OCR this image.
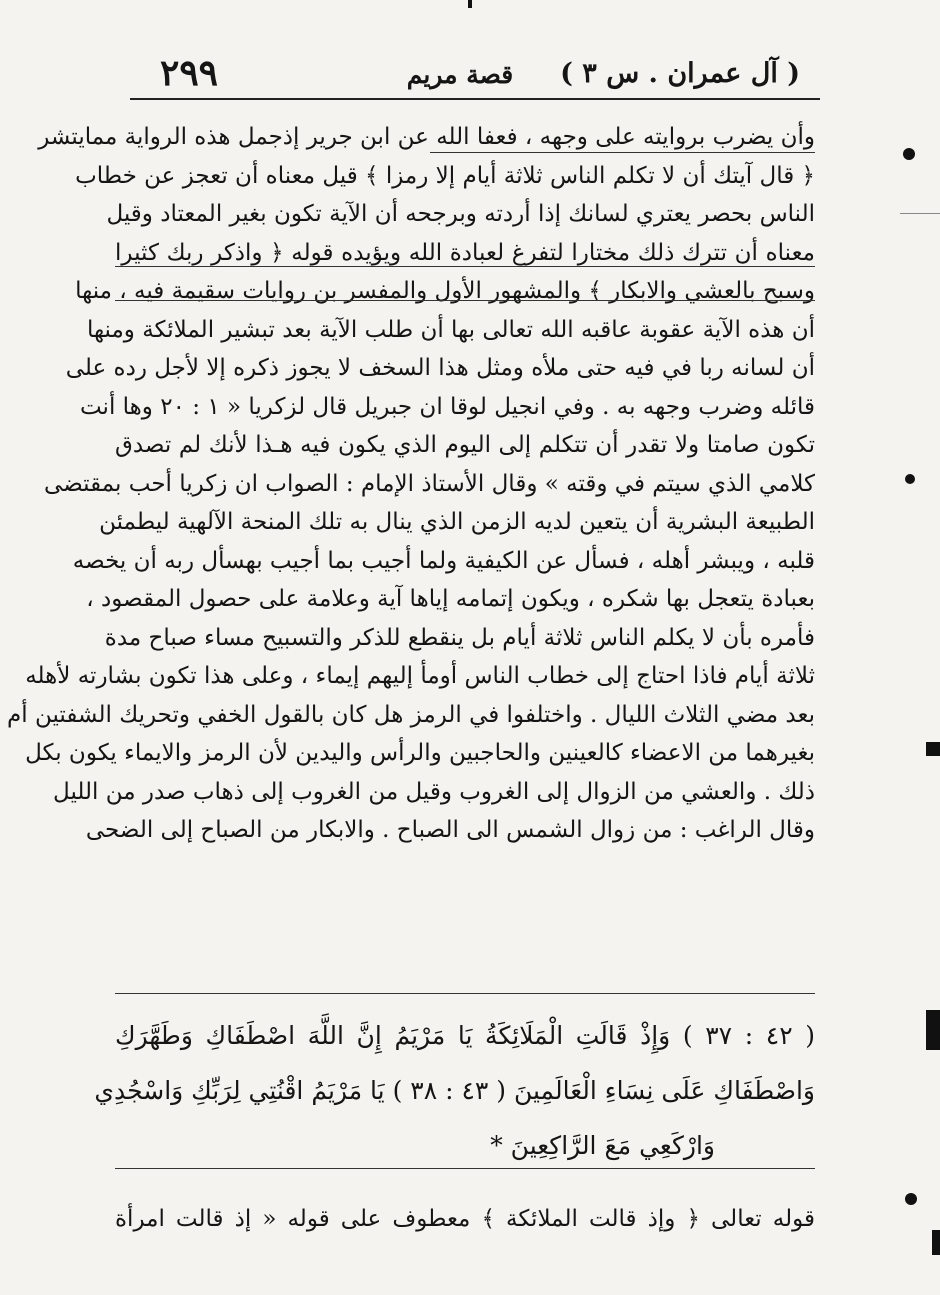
( آل عمران . س ٣ )
قصة مريم
٢٩٩
وأن يضرب بروايته على وجهه ، فعفا الله عن ابن جرير إذجمل هذه الرواية ممايتشر
﴿ قال آيتك أن لا تكلم الناس ثلاثة أيام إلا رمزا ﴾ قيل معناه أن تعجز عن خطاب
الناس بحصر يعتري لسانك إذا أردته وبرجحه أن الآية تكون بغير المعتاد وقيل
معناه أن تترك ذلك مختارا لتفرغ لعبادة الله ويؤيده قوله ﴿ واذكر ربك كثيرا
وسبح بالعشي والابكار ﴾ والمشهور الأول والمفسر بن روايات سقيمة فيه ، منها
أن هذه الآية عقوبة عاقبه الله تعالى بها أن طلب الآية بعد تبشير الملائكة ومنها
أن لسانه ربا في فيه حتى ملأه ومثل هذا السخف لا يجوز ذكره إلا لأجل رده على
قائله وضرب وجهه به . وفي انجيل لوقا ان جبريل قال لزكريا « ١ : ٢٠ وها أنت
تكون صامتا ولا تقدر أن تتكلم إلى اليوم الذي يكون فيه هـذا لأنك لم تصدق
كلامي الذي سيتم في وقته » وقال الأستاذ الإمام : الصواب ان زكريا أحب بمقتضى
الطبيعة البشرية أن يتعين لديه الزمن الذي ينال به تلك المنحة الآلهية ليطمئن
قلبه ، ويبشر أهله ، فسأل عن الكيفية ولما أجيب بما أجيب بهسأل ربه أن يخصه
بعبادة يتعجل بها شكره ، ويكون إتمامه إياها آية وعلامة على حصول المقصود ،
فأمره بأن لا يكلم الناس ثلاثة أيام بل ينقطع للذكر والتسبيح مساء صباح مدة
ثلاثة أيام فاذا احتاج إلى خطاب الناس أومأ إليهم إيماء ، وعلى هذا تكون بشارته لأهله
بعد مضي الثلاث الليال . واختلفوا في الرمز هل كان بالقول الخفي وتحريك الشفتين أم
بغيرهما من الاعضاء كالعينين والحاجبين والرأس واليدين لأن الرمز والايماء يكون بكل
ذلك . والعشي من الزوال إلى الغروب وقيل من الغروب إلى ذهاب صدر من الليل
وقال الراغب : من زوال الشمس الى الصباح . والابكار من الصباح إلى الضحى
( ٤٢ : ٣٧ ) وَإِذْ قَالَتِ الْمَلَائِكَةُ يَا مَرْيَمُ إِنَّ اللَّهَ اصْطَفَاكِ وَطَهَّرَكِ
وَاصْطَفَاكِ عَلَى نِسَاءِ الْعَالَمِينَ ( ٤٣ : ٣٨ ) يَا مَرْيَمُ اقْنُتِي لِرَبِّكِ وَاسْجُدِي
وَارْكَعِي مَعَ الرَّاكِعِينَ *
قوله تعالى ﴿ وإذ قالت الملائكة ﴾ معطوف على قوله « إذ قالت امرأة
